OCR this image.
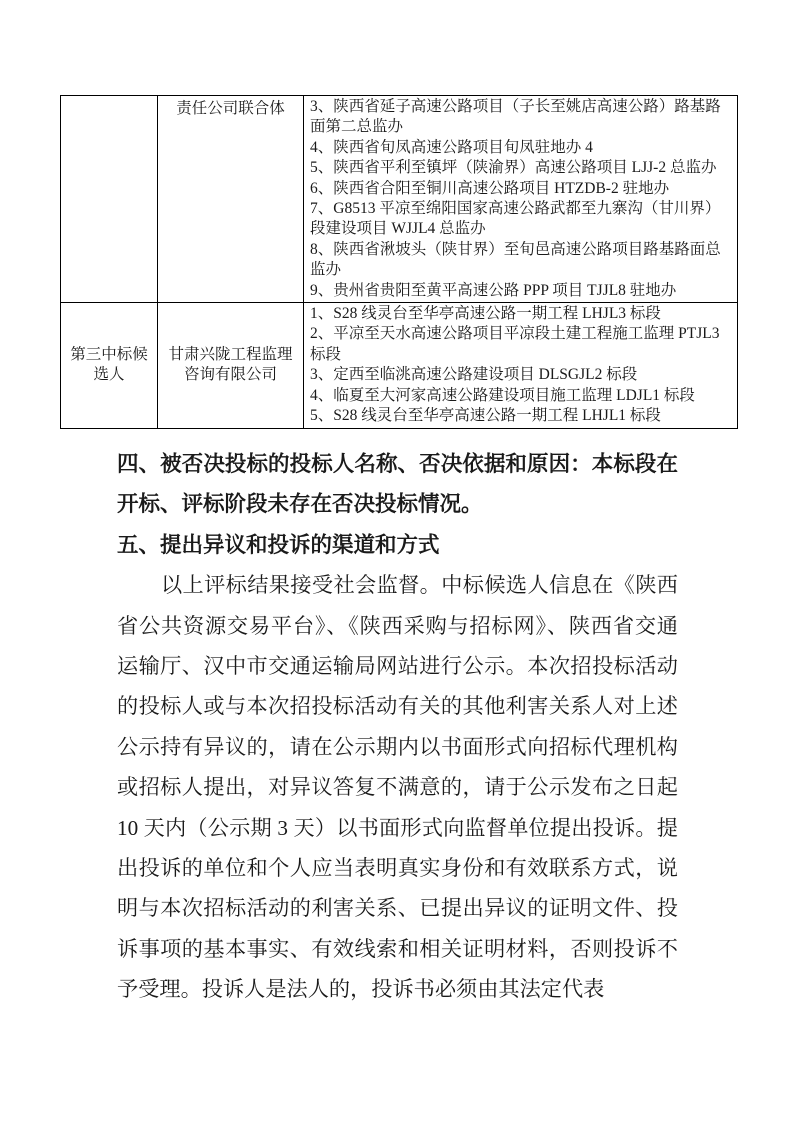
	责任公司联合体	3、陕西省延子高速公路项目（子长至姚店高速公路）路基路面第二总监办
4、陕西省旬凤高速公路项目旬凤驻地办 4
5、陕西省平利至镇坪（陕渝界）高速公路项目 LJJ-2 总监办
6、陕西省合阳至铜川高速公路项目 HTZDB-2 驻地办
7、G8513 平凉至绵阳国家高速公路武都至九寨沟（甘川界）段建设项目 WJJL4 总监办
8、陕西省湫坡头（陕甘界）至旬邑高速公路项目路基路面总监办
9、贵州省贵阳至黄平高速公路 PPP 项目 TJJL8 驻地办

第三中标候选人	甘肃兴陇工程监理咨询有限公司	1、S28 线灵台至华亭高速公路一期工程 LHJL3 标段
2、平凉至天水高速公路项目平凉段土建工程施工监理 PTJL3 标段
3、定西至临洮高速公路建设项目 DLSGJL2 标段
4、临夏至大河家高速公路建设项目施工监理 LDJL1 标段
5、S28 线灵台至华亭高速公路一期工程 LHJL1 标段
四、被否决投标的投标人名称、否决依据和原因：本标段在开标、评标阶段未存在否决投标情况。
五、提出异议和投诉的渠道和方式

以上评标结果接受社会监督。中标候选人信息在《陕西省公共资源交易平台》、《陕西采购与招标网》、陕西省交通运输厅、汉中市交通运输局网站进行公示。本次招投标活动的投标人或与本次招投标活动有关的其他利害关系人对上述公示持有异议的，请在公示期内以书面形式向招标代理机构或招标人提出，对异议答复不满意的，请于公示发布之日起 10 天内（公示期 3 天）以书面形式向监督单位提出投诉。提出投诉的单位和个人应当表明真实身份和有效联系方式，说明与本次招标活动的利害关系、已提出异议的证明文件、投诉事项的基本事实、有效线索和相关证明材料，否则投诉不予受理。投诉人是法人的，投诉书必须由其法定代表
